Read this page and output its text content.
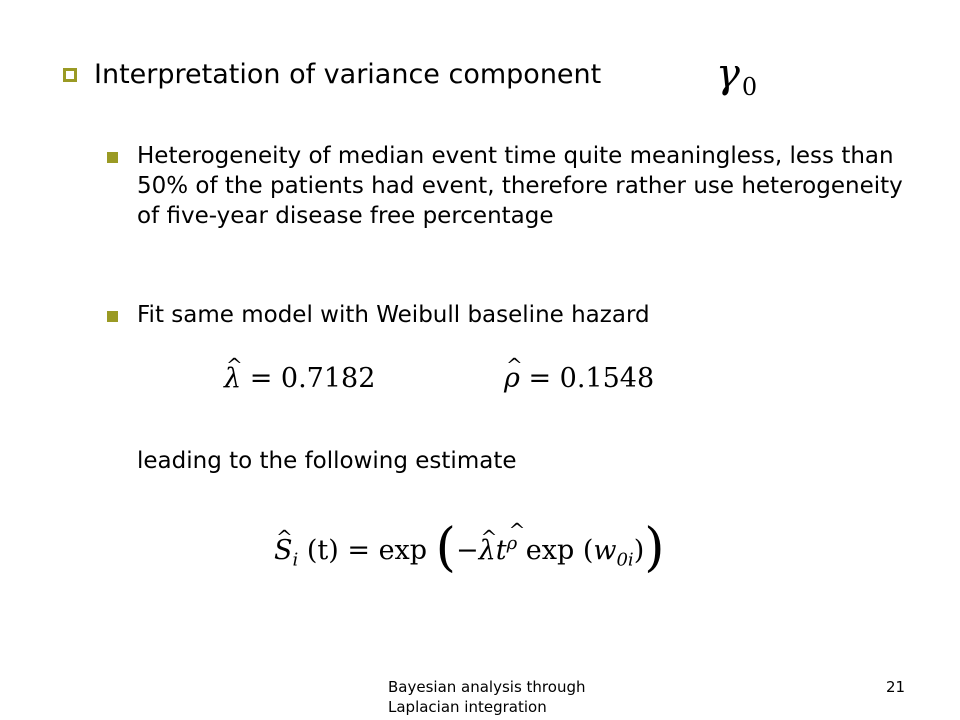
Interpretation of variance component	$\gamma_0$
Heterogeneity of median event time quite meaningless, less than 50% of the patients had event, therefore rather use heterogeneity of five-year disease free percentage
Fit same model with Weibull baseline hazard
^ λ = 0.7182
^	ρ = 0.1548
leading to the following estimate
^ $S_i$ (t) = exp (−^ λt^ $^\rho$ $\exp (w_{0i})$)
Bayesian analysis through Laplacian integration
21
